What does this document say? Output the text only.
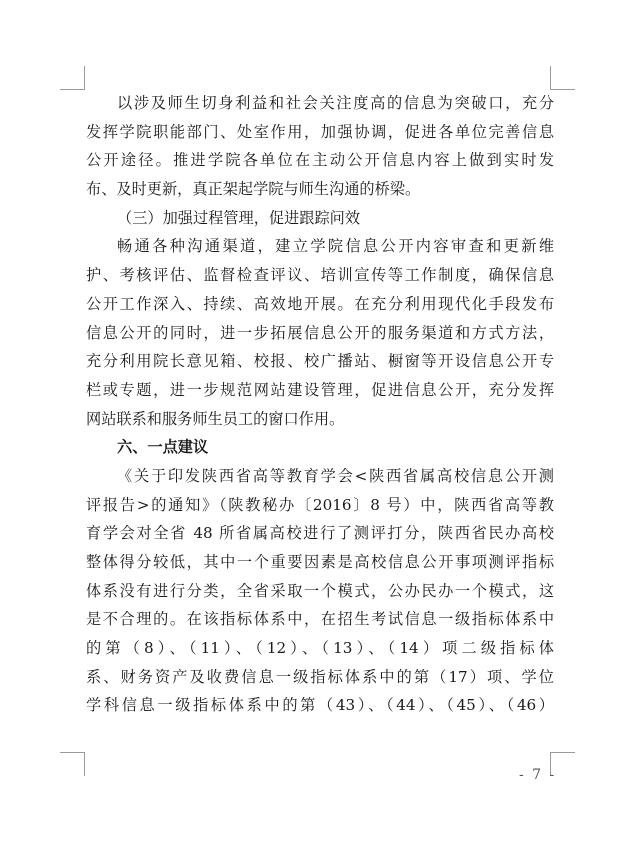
以涉及师生切身利益和社会关注度高的信息为突破口，充分
发挥学院职能部门、处室作用，加强协调，促进各单位完善信息
公开途径。推进学院各单位在主动公开信息内容上做到实时发
布、及时更新，真正架起学院与师生沟通的桥梁。
（三）加强过程管理，促进跟踪问效
畅通各种沟通渠道，建立学院信息公开内容审查和更新维
护、考核评估、监督检查评议、培训宣传等工作制度，确保信息
公开工作深入、持续、高效地开展。在充分利用现代化手段发布
信息公开的同时，进一步拓展信息公开的服务渠道和方式方法，
充分利用院长意见箱、校报、校广播站、橱窗等开设信息公开专
栏或专题，进一步规范网站建设管理，促进信息公开，充分发挥
网站联系和服务师生员工的窗口作用。
六、一点建议
《关于印发陕西省高等教育学会<陕西省属高校信息公开测
评报告>的通知》（陕教秘办〔2016〕8 号）中，陕西省高等教
育学会对全省 48 所省属高校进行了测评打分，陕西省民办高校
整体得分较低，其中一个重要因素是高校信息公开事项测评指标
体系没有进行分类，全省采取一个模式，公办民办一个模式，这
是不合理的。在该指标体系中，在招生考试信息一级指标体系中
的第（8）、（11）、（12）、（13）、（14）项二级指标体
系、财务资产及收费信息一级指标体系中的第（17）项、学位
学科信息一级指标体系中的第（43）、（44）、（45）、（46）
- 7 -
